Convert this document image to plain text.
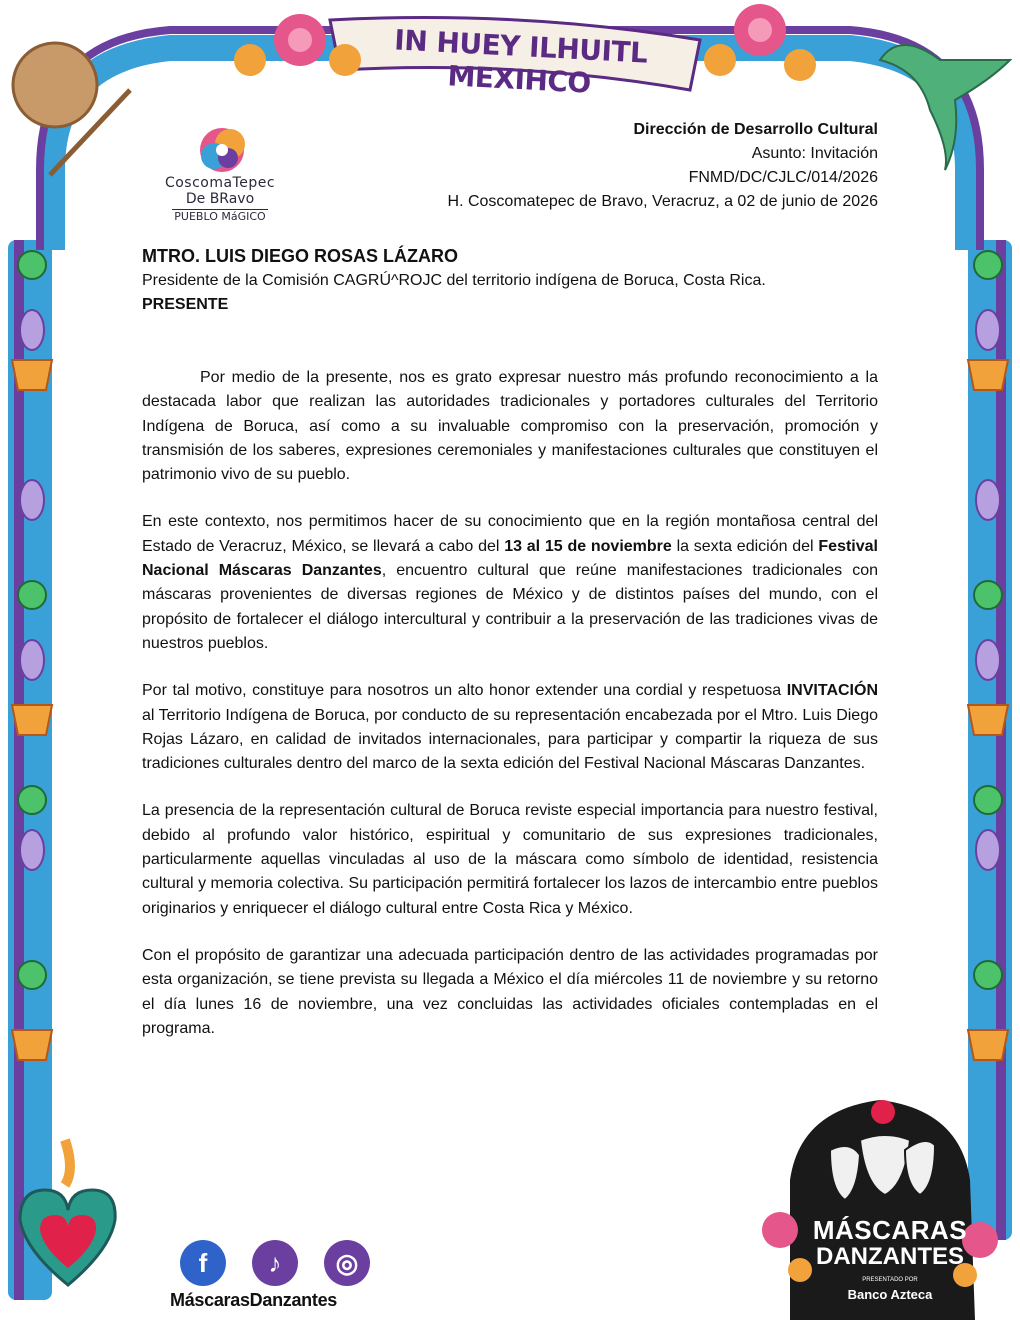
IN HUEY ILHUITL MEXIHCO
CoscomaTepec
De BRavo
PUEBLO MáGICO
Dirección de Desarrollo Cultural
Asunto: Invitación
FNMD/DC/CJLC/014/2026
H. Coscomatepec de Bravo, Veracruz, a 02 de junio de 2026
MTRO. LUIS DIEGO ROSAS LÁZARO
Presidente de la Comisión CAGRÚ^ROJC del territorio indígena de Boruca, Costa Rica.
PRESENTE

Por medio de la presente, nos es grato expresar nuestro más profundo reconocimiento a la destacada labor que realizan las autoridades tradicionales y portadores culturales del Territorio Indígena de Boruca, así como a su invaluable compromiso con la preservación, promoción y transmisión de los saberes, expresiones ceremoniales y manifestaciones culturales que constituyen el patrimonio vivo de su pueblo.

En este contexto, nos permitimos hacer de su conocimiento que en la región montañosa central del Estado de Veracruz, México, se llevará a cabo del 13 al 15 de noviembre la sexta edición del Festival Nacional Máscaras Danzantes, encuentro cultural que reúne manifestaciones tradicionales con máscaras provenientes de diversas regiones de México y de distintos países del mundo, con el propósito de fortalecer el diálogo intercultural y contribuir a la preservación de las tradiciones vivas de nuestros pueblos.

Por tal motivo, constituye para nosotros un alto honor extender una cordial y respetuosa INVITACIÓN al Territorio Indígena de Boruca, por conducto de su representación encabezada por el Mtro. Luis Diego Rojas Lázaro, en calidad de invitados internacionales, para participar y compartir la riqueza de sus tradiciones culturales dentro del marco de la sexta edición del Festival Nacional Máscaras Danzantes.

La presencia de la representación cultural de Boruca reviste especial importancia para nuestro festival, debido al profundo valor histórico, espiritual y comunitario de sus expresiones tradicionales, particularmente aquellas vinculadas al uso de la máscara como símbolo de identidad, resistencia cultural y memoria colectiva. Su participación permitirá fortalecer los lazos de intercambio entre pueblos originarios y enriquecer el diálogo cultural entre Costa Rica y México.

Con el propósito de garantizar una adecuada participación dentro de las actividades programadas por esta organización, se tiene prevista su llegada a México el día miércoles 11 de noviembre y su retorno el día lunes 16 de noviembre, una vez concluidas las actividades oficiales contempladas en el programa.

f	♪	◎
MáscarasDanzantes
MÁSCARAS
DANZANTES
PRESENTADO POR
Banco Azteca
